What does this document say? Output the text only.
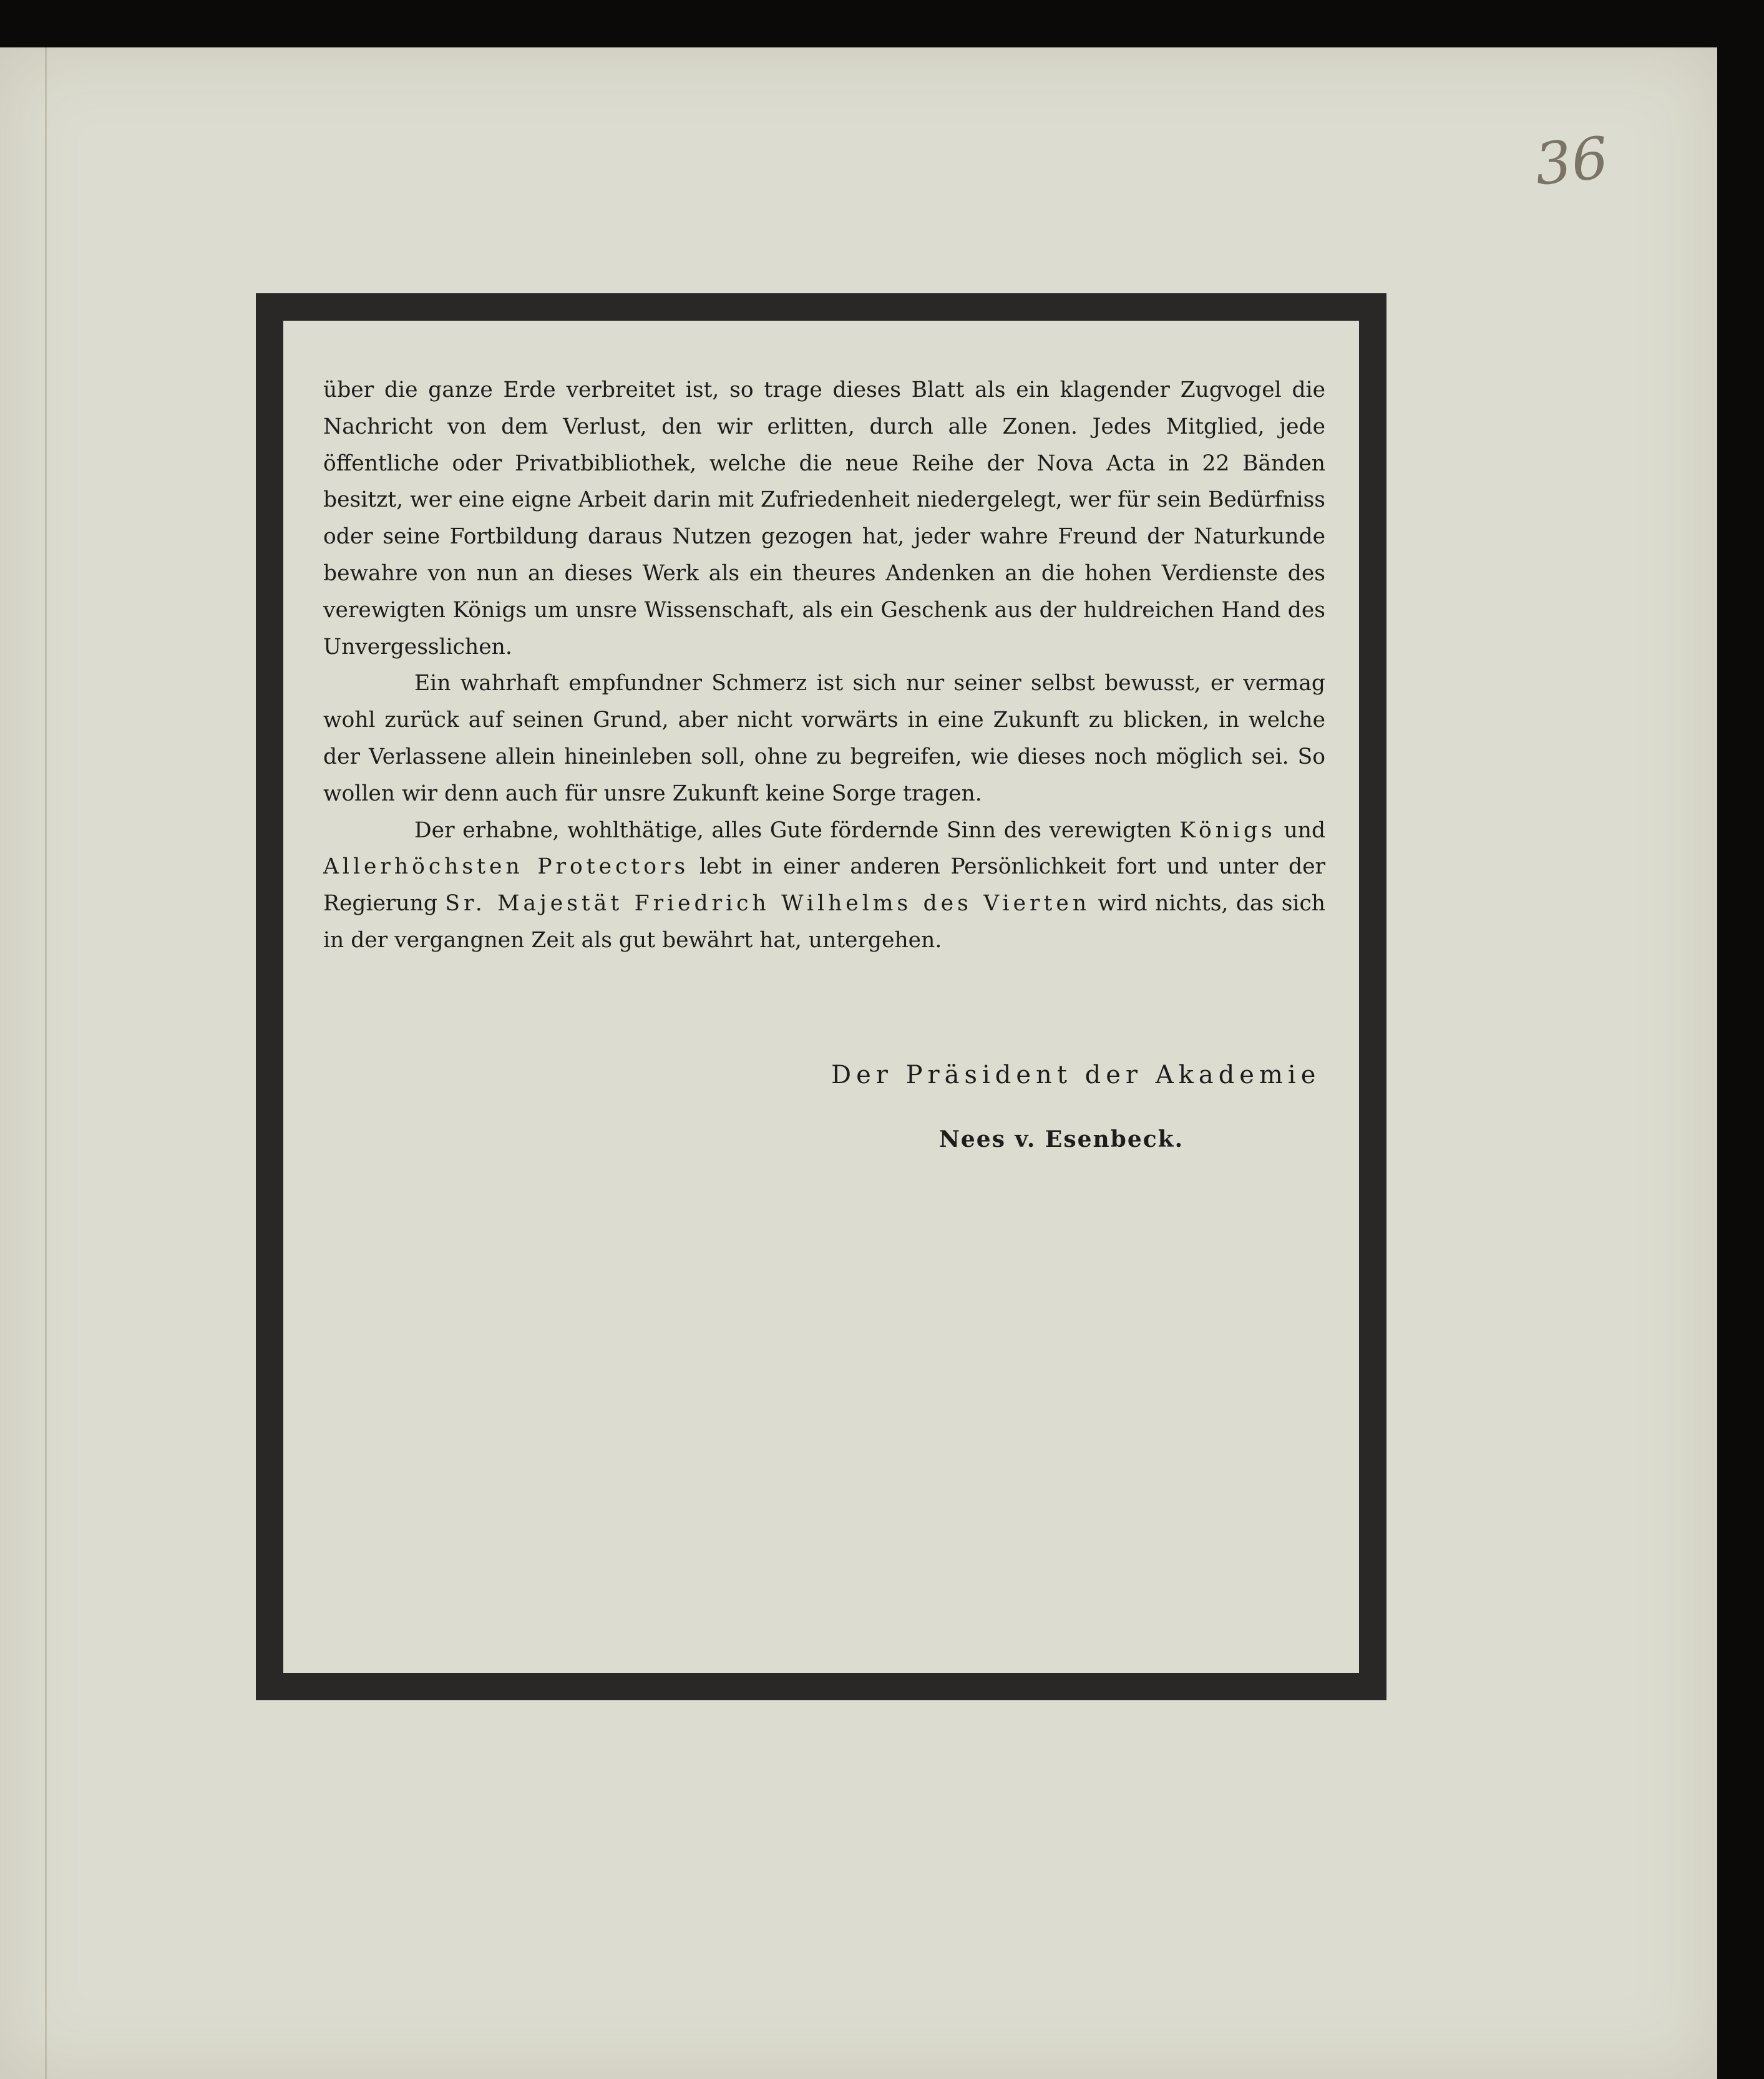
36

über die ganze Erde verbreitet ist, so trage dieses Blatt als ein klagender Zugvogel die Nachricht von dem Verlust, den wir erlitten, durch alle Zonen. Jedes Mitglied, jede öffentliche oder Privatbibliothek, welche die neue Reihe der Nova Acta in 22 Bänden besitzt, wer eine eigne Arbeit darin mit Zufriedenheit niedergelegt, wer für sein Bedürfniss oder seine Fortbildung daraus Nutzen gezogen hat, jeder wahre Freund der Naturkunde bewahre von nun an dieses Werk als ein theures Andenken an die hohen Verdienste des verewigten Königs um unsre Wissenschaft, als ein Geschenk aus der huldreichen Hand des Unvergesslichen.

Ein wahrhaft empfundner Schmerz ist sich nur seiner selbst bewusst, er vermag wohl zurück auf seinen Grund, aber nicht vorwärts in eine Zukunft zu blicken, in welche der Verlassene allein hineinleben soll, ohne zu begreifen, wie dieses noch möglich sei. So wollen wir denn auch für unsre Zukunft keine Sorge tragen.

Der erhabne, wohlthätige, alles Gute fördernde Sinn des verewigten Königs und Allerhöchsten Protectors lebt in einer anderen Persönlichkeit fort und unter der Regierung Sr. Majestät Friedrich Wilhelms des Vierten wird nichts, das sich in der vergangnen Zeit als gut bewährt hat, untergehen.

Der Präsident der Akademie
Nees v. Esenbeck.
